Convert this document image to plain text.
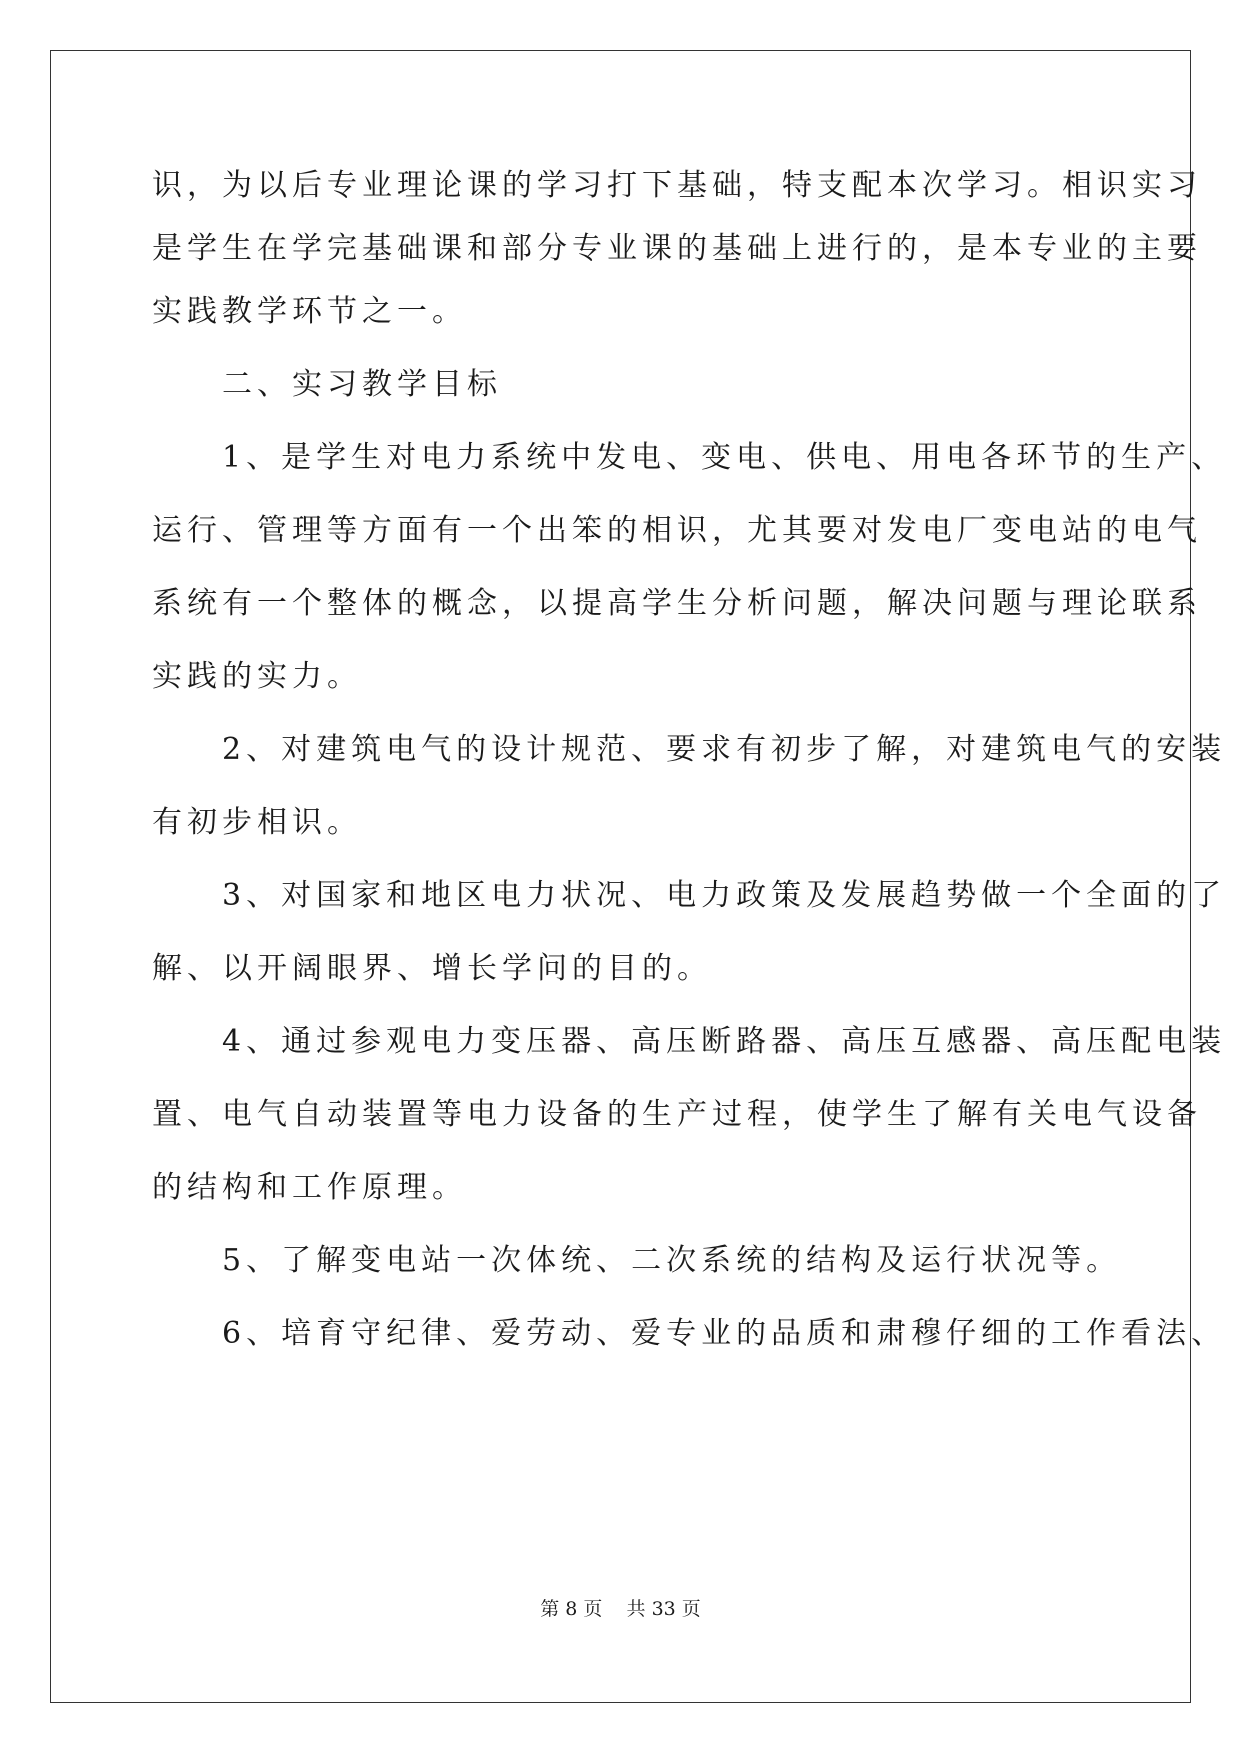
识，为以后专业理论课的学习打下基础，特支配本次学习。相识实习
是学生在学完基础课和部分专业课的基础上进行的，是本专业的主要
实践教学环节之一。
　　二、实习教学目标
　　1、是学生对电力系统中发电、变电、供电、用电各环节的生产、
运行、管理等方面有一个出笨的相识，尤其要对发电厂变电站的电气
系统有一个整体的概念，以提高学生分析问题，解决问题与理论联系
实践的实力。
　　2、对建筑电气的设计规范、要求有初步了解，对建筑电气的安装
有初步相识。
　　3、对国家和地区电力状况、电力政策及发展趋势做一个全面的了
解、以开阔眼界、增长学问的目的。
　　4、通过参观电力变压器、高压断路器、高压互感器、高压配电装
置、电气自动装置等电力设备的生产过程，使学生了解有关电气设备
的结构和工作原理。
　　5、了解变电站一次体统、二次系统的结构及运行状况等。
　　6、培育守纪律、爱劳动、爱专业的品质和肃穆仔细的工作看法、
第 8 页    共 33 页
